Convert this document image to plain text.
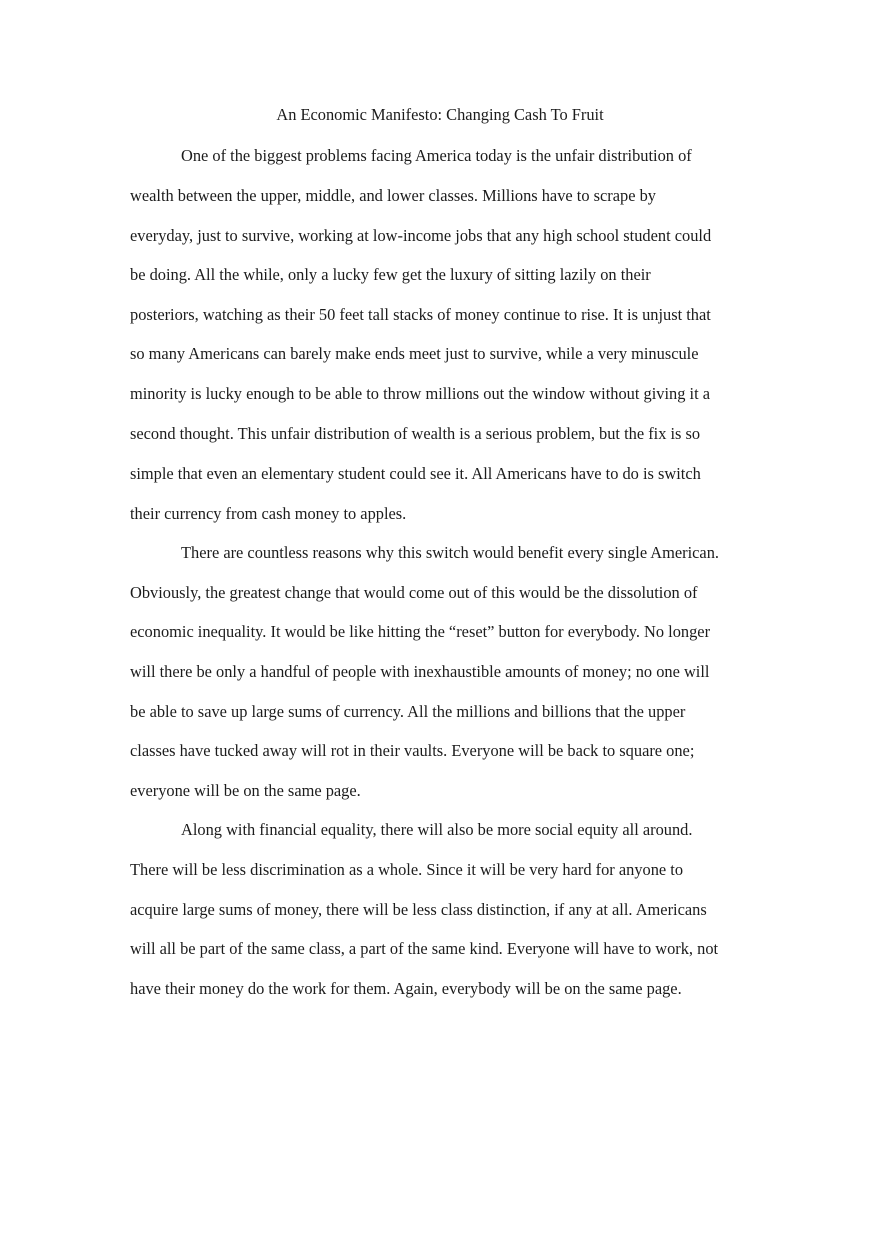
An Economic Manifesto: Changing Cash To Fruit
One of the biggest problems facing America today is the unfair distribution of
wealth between the upper, middle, and lower classes. Millions have to scrape by
everyday, just to survive, working at low-income jobs that any high school student could
be doing. All the while, only a lucky few get the luxury of sitting lazily on their
posteriors, watching as their 50 feet tall stacks of money continue to rise. It is unjust that
so many Americans can barely make ends meet just to survive, while a very minuscule
minority is lucky enough to be able to throw millions out the window without giving it a
second thought. This unfair distribution of wealth is a serious problem, but the fix is so
simple that even an elementary student could see it. All Americans have to do is switch
their currency from cash money to apples.
There are countless reasons why this switch would benefit every single American.
Obviously, the greatest change that would come out of this would be the dissolution of
economic inequality. It would be like hitting the “reset” button for everybody. No longer
will there be only a handful of people with inexhaustible amounts of money; no one will
be able to save up large sums of currency. All the millions and billions that the upper
classes have tucked away will rot in their vaults. Everyone will be back to square one;
everyone will be on the same page.
Along with financial equality, there will also be more social equity all around.
There will be less discrimination as a whole. Since it will be very hard for anyone to
acquire large sums of money, there will be less class distinction, if any at all. Americans
will all be part of the same class, a part of the same kind. Everyone will have to work, not
have their money do the work for them. Again, everybody will be on the same page.
